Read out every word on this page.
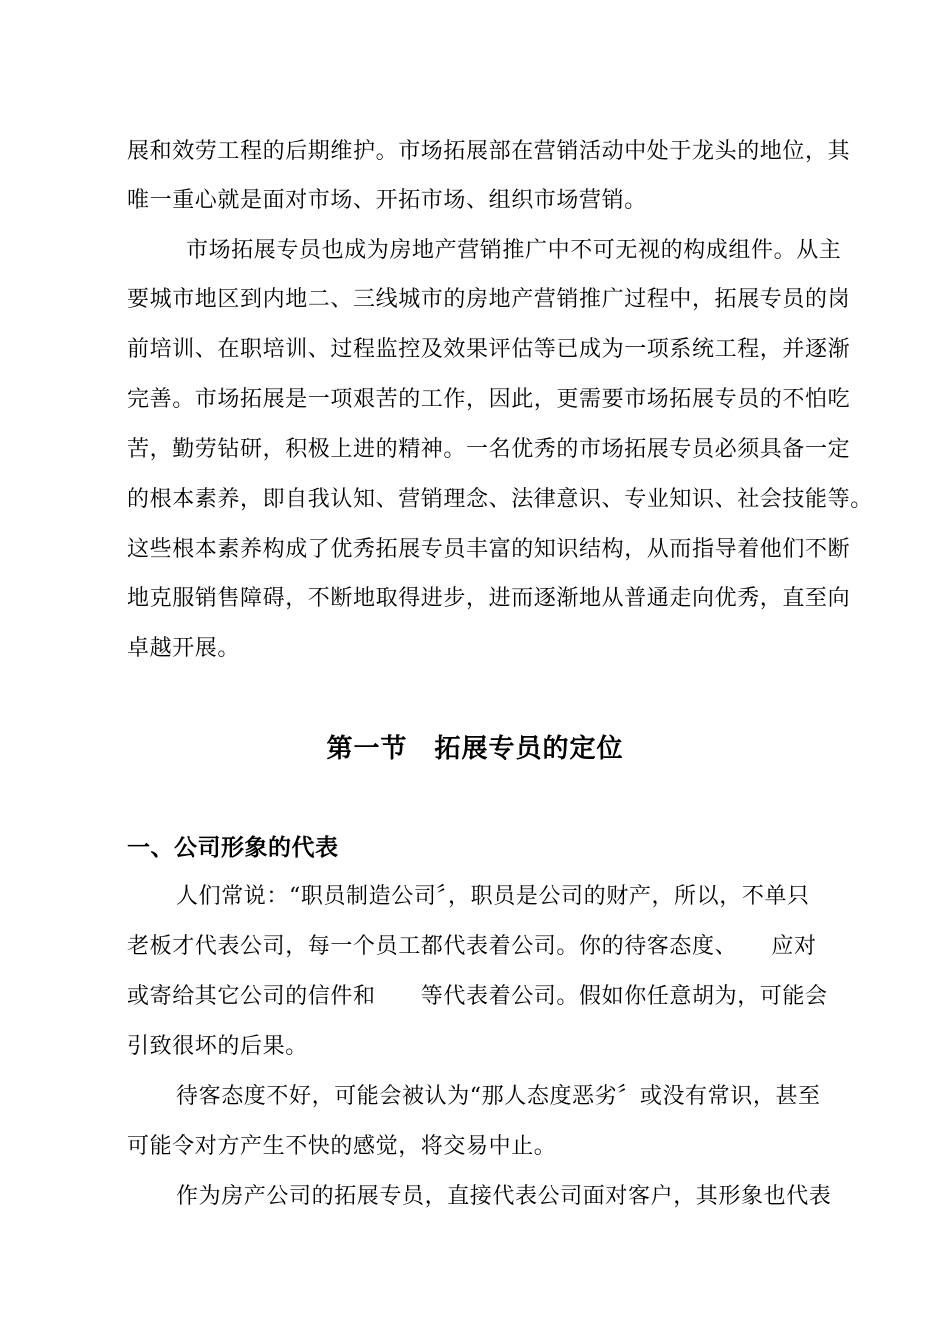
展和效劳工程的后期维护。市场拓展部在营销活动中处于龙头的地位，其
唯一重心就是面对市场、开拓市场、组织市场营销。
市场拓展专员也成为房地产营销推广中不可无视的构成组件。从主
要城市地区到内地二、三线城市的房地产营销推广过程中，拓展专员的岗
前培训、在职培训、过程监控及效果评估等已成为一项系统工程，并逐渐
完善。市场拓展是一项艰苦的工作，因此，更需要市场拓展专员的不怕吃
苦，勤劳钻研，积极上进的精神。一名优秀的市场拓展专员必须具备一定
的根本素养，即自我认知、营销理念、法律意识、专业知识、社会技能等。
这些根本素养构成了优秀拓展专员丰富的知识结构，从而指导着他们不断
地克服销售障碍，不断地取得进步，进而逐渐地从普通走向优秀，直至向
卓越开展。
第一节　拓展专员的定位
一、公司形象的代表
人们常说：“职员制造公司〞，职员是公司的财产，所以，不单只
老板才代表公司，每一个员工都代表着公司。你的待客态度、　　应对
或寄给其它公司的信件和　　等代表着公司。假如你任意胡为，可能会
引致很坏的后果。
待客态度不好，可能会被认为“那人态度恶劣〞或没有常识，甚至
可能令对方产生不快的感觉，将交易中止。
作为房产公司的拓展专员，直接代表公司面对客户，其形象也代表
